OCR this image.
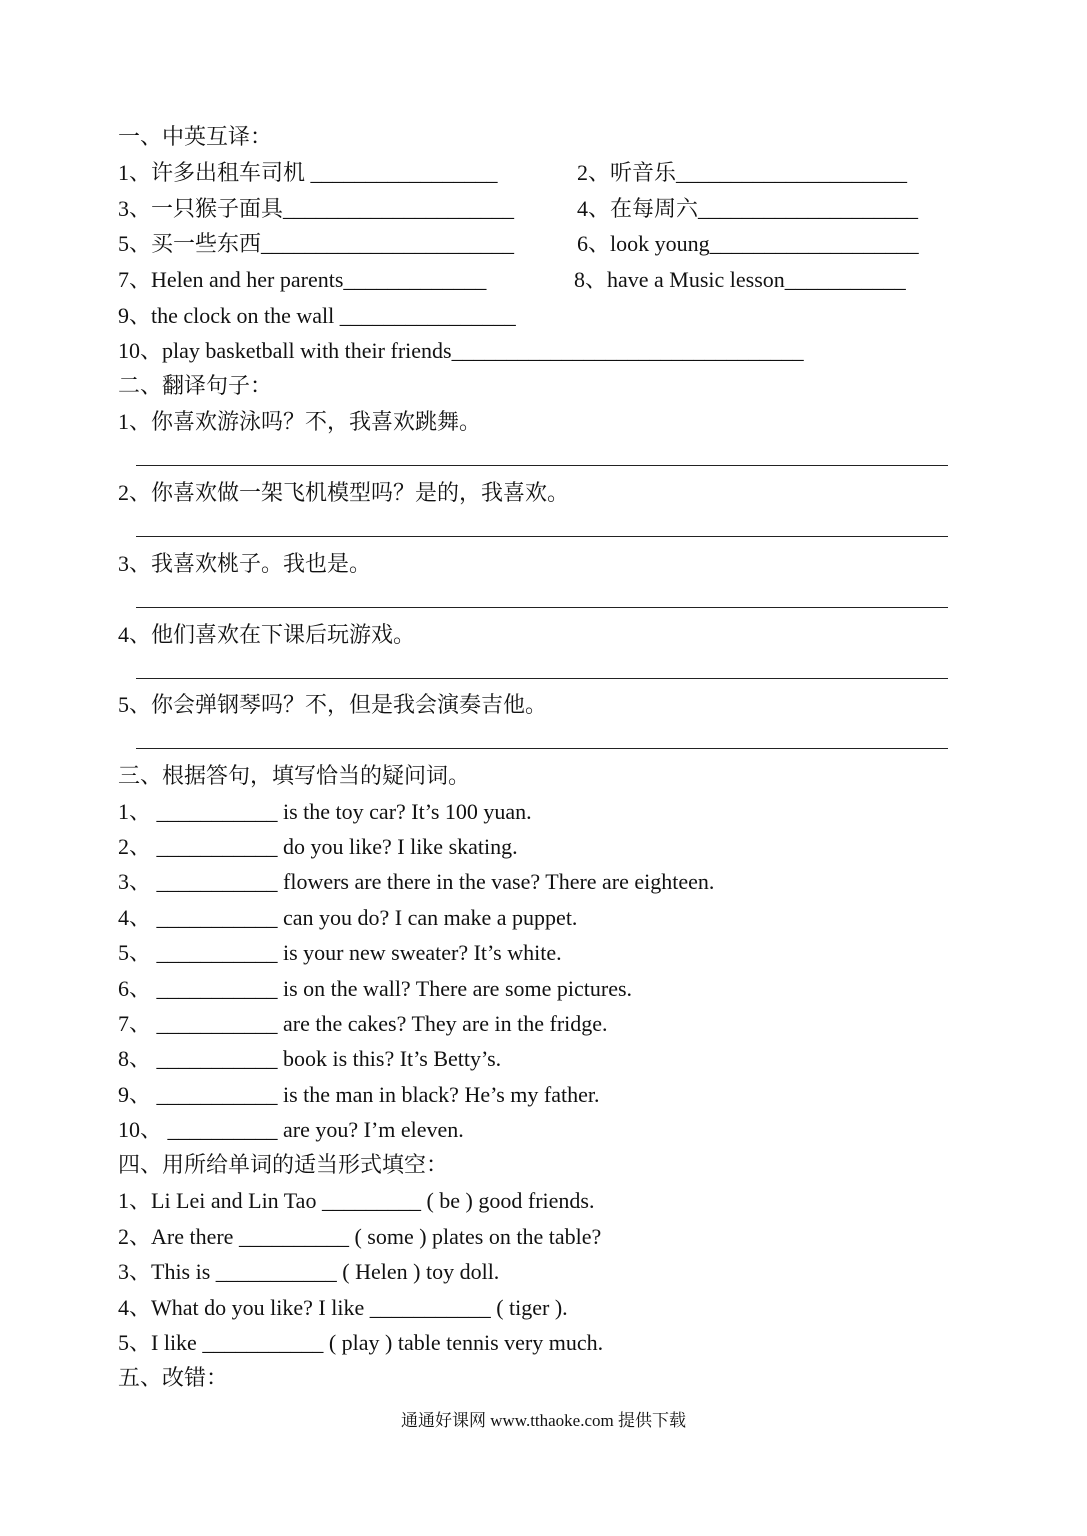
一、中英互译：
1、许多出租车司机 _________________	2、听音乐_____________________
3、一只猴子面具_____________________	4、在每周六____________________
5、买一些东西_______________________	6、look young___________________
7、Helen and her parents_____________	8、have a Music lesson___________
9、the clock on the wall ________________
10、play basketball with their friends________________________________
二、翻译句子：
1、你喜欢游泳吗？不，我喜欢跳舞。
2、你喜欢做一架飞机模型吗？是的，我喜欢。
3、我喜欢桃子。我也是。
4、他们喜欢在下课后玩游戏。
5、你会弹钢琴吗？不，但是我会演奏吉他。
三、根据答句，填写恰当的疑问词。
1、 ___________ is the toy car? It’s 100 yuan.
2、 ___________ do you like? I like skating.
3、 ___________ flowers are there in the vase? There are eighteen.
4、 ___________ can you do? I can make a puppet.
5、 ___________ is your new sweater? It’s white.
6、 ___________ is on the wall? There are some pictures.
7、 ___________ are the cakes? They are in the fridge.
8、 ___________ book is this? It’s Betty’s.
9、 ___________ is the man in black? He’s my father.
10、 __________ are you? I’m eleven.
四、用所给单词的适当形式填空：
1、Li Lei and Lin Tao _________ ( be ) good friends.
2、Are there __________ ( some ) plates on the table?
3、This is ___________ ( Helen ) toy doll.
4、What do you like? I like ___________ ( tiger ).
5、I like ___________ ( play ) table tennis very much.
五、改错：
通通好课网 www.tthaoke.com 提供下载
